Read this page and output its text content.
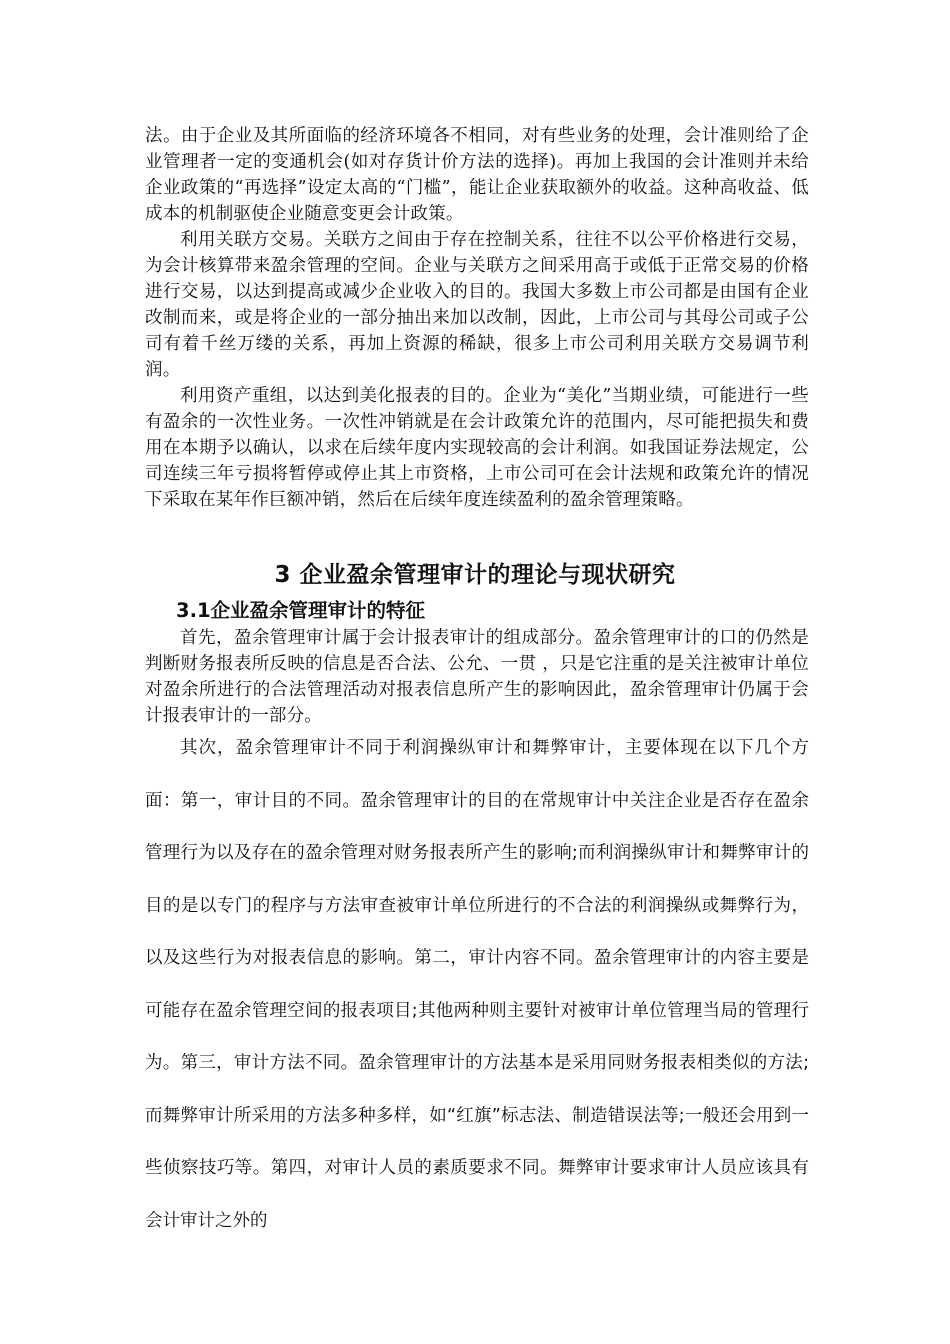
法。由于企业及其所面临的经济环境各不相同，对有些业务的处理，会计准则给了企业管理者一定的变通机会(如对存货计价方法的选择)。再加上我国的会计准则并未给企业政策的“再选择”设定太高的“门槛”，能让企业获取额外的收益。这种高收益、低成本的机制驱使企业随意变更会计政策。

利用关联方交易。关联方之间由于存在控制关系，往往不以公平价格进行交易，为会计核算带来盈余管理的空间。企业与关联方之间采用高于或低于正常交易的价格进行交易，以达到提高或减少企业收入的目的。我国大多数上市公司都是由国有企业改制而来，或是将企业的一部分抽出来加以改制，因此，上市公司与其母公司或子公司有着千丝万缕的关系，再加上资源的稀缺，很多上市公司利用关联方交易调节利润。

利用资产重组，以达到美化报表的目的。企业为“美化”当期业绩，可能进行一些有盈余的一次性业务。一次性冲销就是在会计政策允许的范围内，尽可能把损失和费用在本期予以确认，以求在后续年度内实现较高的会计利润。如我国证券法规定，公司连续三年亏损将暂停或停止其上市资格，上市公司可在会计法规和政策允许的情况下采取在某年作巨额冲销，然后在后续年度连续盈利的盈余管理策略。

3 企业盈余管理审计的理论与现状研究
3.1企业盈余管理审计的特征

首先，盈余管理审计属于会计报表审计的组成部分。盈余管理审计的口的仍然是判断财务报表所反映的信息是否合法、公允、一贯 ，只是它注重的是关注被审计单位对盈余所进行的合法管理活动对报表信息所产生的影响因此，盈余管理审计仍属于会计报表审计的一部分。

其次，盈余管理审计不同于利润操纵审计和舞弊审计，主要体现在以下几个方面：第一，审计目的不同。盈余管理审计的目的在常规审计中关注企业是否存在盈余管理行为以及存在的盈余管理对财务报表所产生的影响;而利润操纵审计和舞弊审计的目的是以专门的程序与方法审查被审计单位所进行的不合法的利润操纵或舞弊行为，以及这些行为对报表信息的影响。第二，审计内容不同。盈余管理审计的内容主要是可能存在盈余管理空间的报表项目;其他两种则主要针对被审计单位管理当局的管理行为。第三，审计方法不同。盈余管理审计的方法基本是采用同财务报表相类似的方法;而舞弊审计所采用的方法多种多样，如“红旗”标志法、制造错误法等;一般还会用到一些侦察技巧等。第四，对审计人员的素质要求不同。舞弊审计要求审计人员应该具有会计审计之外的
